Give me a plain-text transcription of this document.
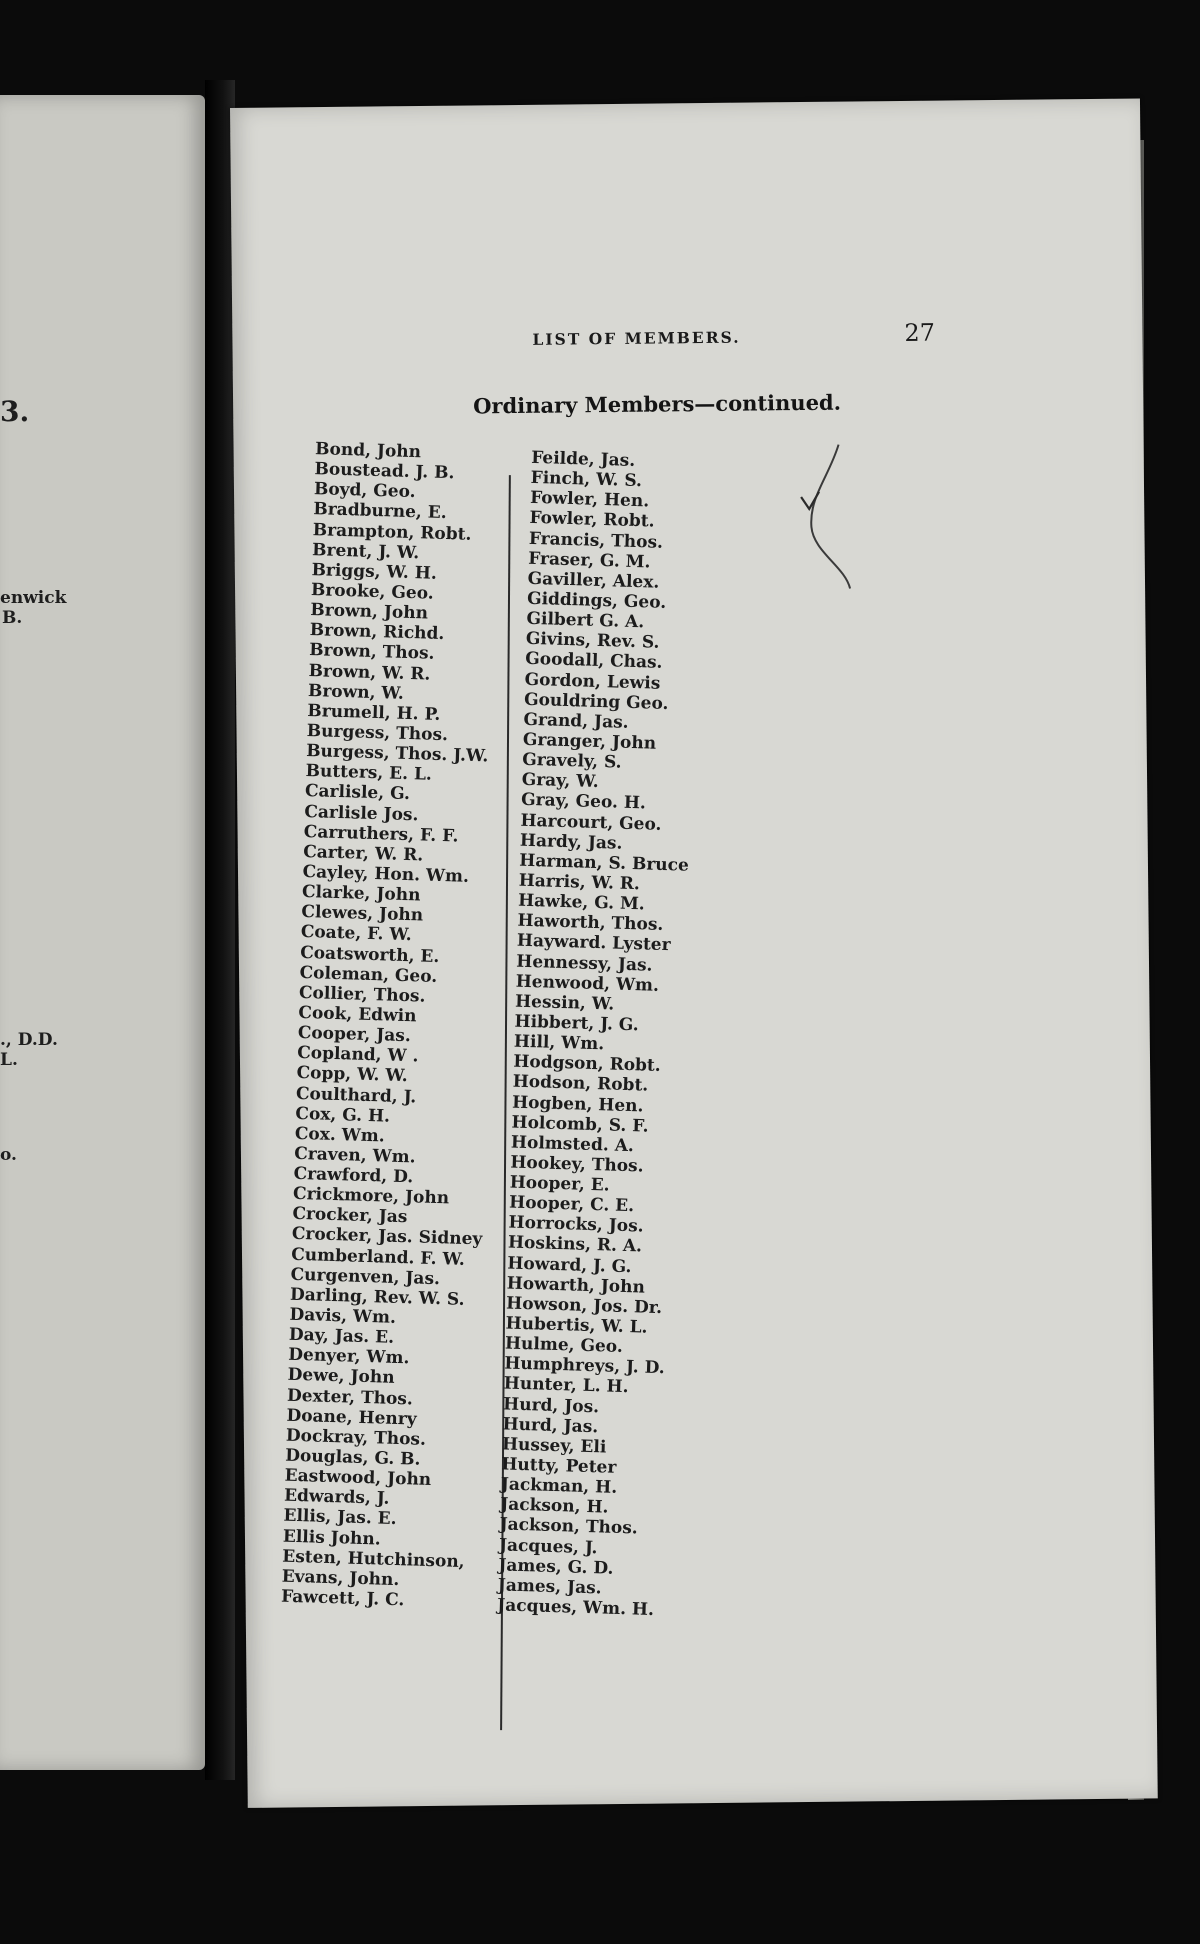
3.
enwick
B.
., D.D.
L.
o.
LIST OF MEMBERS.	27
Ordinary Members—continued.
Bond, John
Boustead. J. B.
Boyd, Geo.
Bradburne, E.
Brampton, Robt.
Brent, J. W.
Briggs, W. H.
Brooke, Geo.
Brown, John
Brown, Richd.
Brown, Thos.
Brown, W. R.
Brown, W.
Brumell, H. P.
Burgess, Thos.
Burgess, Thos. J.W.
Butters, E. L.
Carlisle, G.
Carlisle Jos.
Carruthers, F. F.
Carter, W. R.
Cayley, Hon. Wm.
Clarke, John
Clewes, John
Coate, F. W.
Coatsworth, E.
Coleman, Geo.
Collier, Thos.
Cook, Edwin
Cooper, Jas.
Copland, W .
Copp, W. W.
Coulthard, J.
Cox, G. H.
Cox. Wm.
Craven, Wm.
Crawford, D.
Crickmore, John
Crocker, Jas
Crocker, Jas. Sidney
Cumberland. F. W.
Curgenven, Jas.
Darling, Rev. W. S.
Davis, Wm.
Day, Jas. E.
Denyer, Wm.
Dewe, John
Dexter, Thos.
Doane, Henry
Dockray, Thos.
Douglas, G. B.
Eastwood, John
Edwards, J.
Ellis, Jas. E.
Ellis John.
Esten, Hutchinson,
Evans, John.
Fawcett, J. C.
Feilde, Jas.
Finch, W. S.
Fowler, Hen.
Fowler, Robt.
Francis, Thos.
Fraser, G. M.
Gaviller, Alex.
Giddings, Geo.
Gilbert G. A.
Givins, Rev. S.
Goodall, Chas.
Gordon, Lewis
Gouldring Geo.
Grand, Jas.
Granger, John
Gravely, S.
Gray, W.
Gray, Geo. H.
Harcourt, Geo.
Hardy, Jas.
Harman, S. Bruce
Harris, W. R.
Hawke, G. M.
Haworth, Thos.
Hayward. Lyster
Hennessy, Jas.
Henwood, Wm.
Hessin, W.
Hibbert, J. G.
Hill, Wm.
Hodgson, Robt.
Hodson, Robt.
Hogben, Hen.
Holcomb, S. F.
Holmsted. A.
Hookey, Thos.
Hooper, E.
Hooper, C. E.
Horrocks, Jos.
Hoskins, R. A.
Howard, J. G.
Howarth, John
Howson, Jos. Dr.
Hubertis, W. L.
Hulme, Geo.
Humphreys, J. D.
Hunter, L. H.
Hurd, Jos.
Hurd, Jas.
Hussey, Eli
Hutty, Peter
Jackman, H.
Jackson, H.
Jackson, Thos.
Jacques, J.
James, G. D.
James, Jas.
Jacques, Wm. H.
